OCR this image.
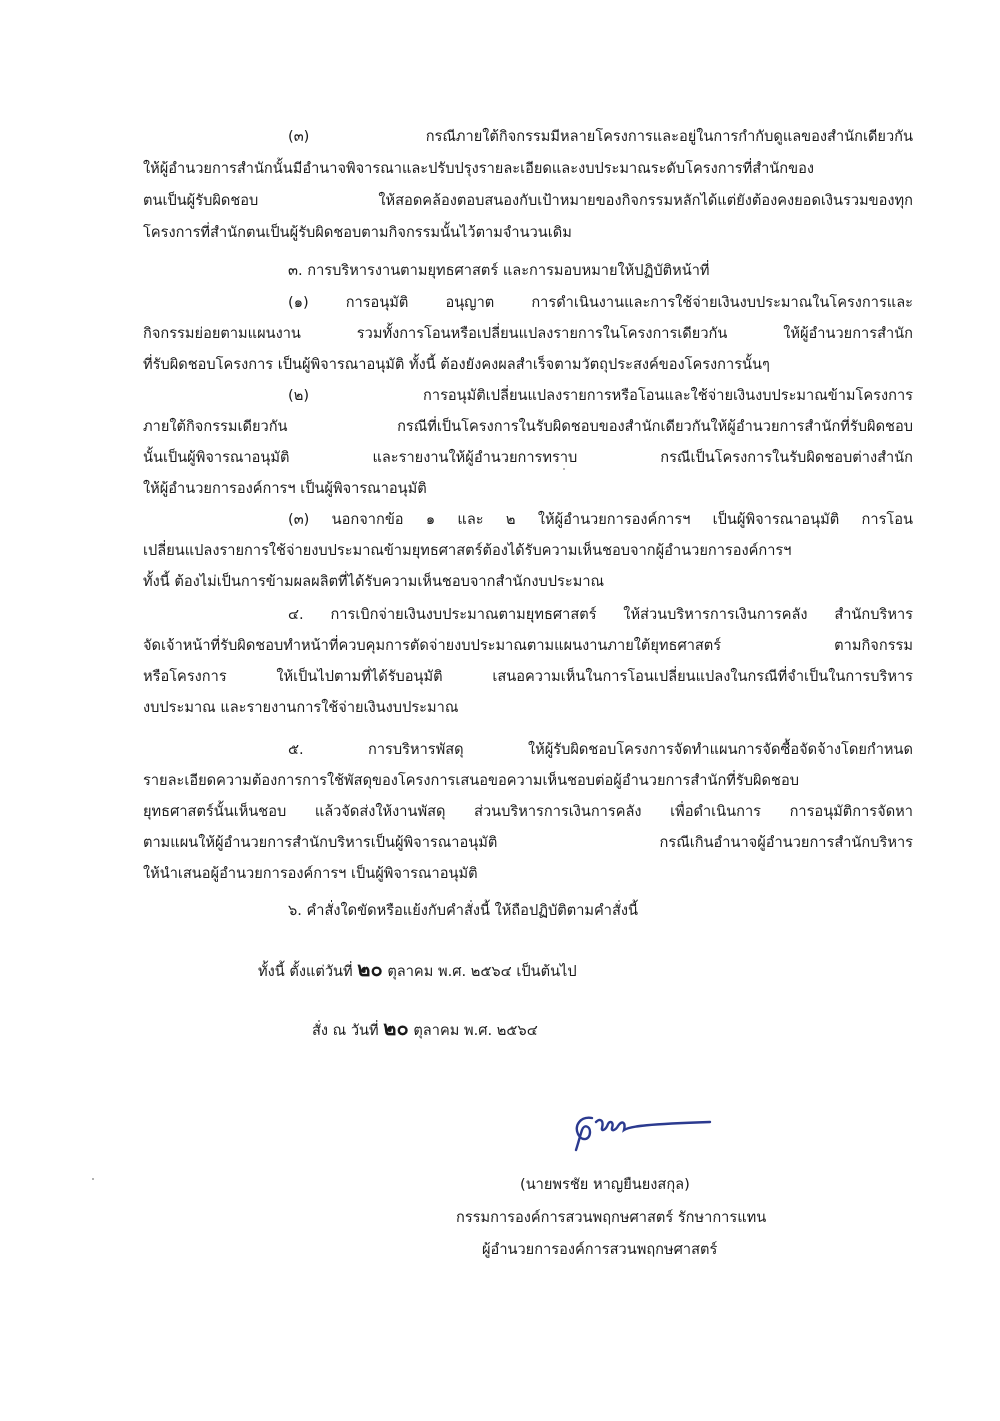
(๓) กรณีภายใต้กิจกรรมมีหลายโครงการและอยู่ในการกำกับดูแลของสำนักเดียวกัน
ให้ผู้อำนวยการสำนักนั้นมีอำนาจพิจารณาและปรับปรุงรายละเอียดและงบประมาณระดับโครงการที่สำนักของ
ตนเป็นผู้รับผิดชอบ ให้สอดคล้องตอบสนองกับเป้าหมายของกิจกรรมหลักได้แต่ยังต้องคงยอดเงินรวมของทุก
โครงการที่สำนักตนเป็นผู้รับผิดชอบตามกิจกรรมนั้นไว้ตามจำนวนเดิม
๓. การบริหารงานตามยุทธศาสตร์ และการมอบหมายให้ปฏิบัติหน้าที่
(๑) การอนุมัติ อนุญาต การดำเนินงานและการใช้จ่ายเงินงบประมาณในโครงการและ
กิจกรรมย่อยตามแผนงาน รวมทั้งการโอนหรือเปลี่ยนแปลงรายการในโครงการเดียวกัน ให้ผู้อำนวยการสำนัก
ที่รับผิดชอบโครงการ เป็นผู้พิจารณาอนุมัติ ทั้งนี้ ต้องยังคงผลสำเร็จตามวัตถุประสงค์ของโครงการนั้นๆ
(๒) การอนุมัติเปลี่ยนแปลงรายการหรือโอนและใช้จ่ายเงินงบประมาณข้ามโครงการ
ภายใต้กิจกรรมเดียวกัน กรณีที่เป็นโครงการในรับผิดชอบของสำนักเดียวกันให้ผู้อำนวยการสำนักที่รับผิดชอบ
นั้นเป็นผู้พิจารณาอนุมัติ และรายงานให้ผู้อำนวยการทราบ กรณีเป็นโครงการในรับผิดชอบต่างสำนัก
ให้ผู้อำนวยการองค์การฯ เป็นผู้พิจารณาอนุมัติ
(๓) นอกจากข้อ ๑ และ ๒ ให้ผู้อำนวยการองค์การฯ เป็นผู้พิจารณาอนุมัติ การโอน
เปลี่ยนแปลงรายการใช้จ่ายงบประมาณข้ามยุทธศาสตร์ต้องได้รับความเห็นชอบจากผู้อำนวยการองค์การฯ
ทั้งนี้ ต้องไม่เป็นการข้ามผลผลิตที่ได้รับความเห็นชอบจากสำนักงบประมาณ
๔. การเบิกจ่ายเงินงบประมาณตามยุทธศาสตร์ ให้ส่วนบริหารการเงินการคลัง สำนักบริหาร
จัดเจ้าหน้าที่รับผิดชอบทำหน้าที่ควบคุมการตัดจ่ายงบประมาณตามแผนงานภายใต้ยุทธศาสตร์ ตามกิจกรรม
หรือโครงการ ให้เป็นไปตามที่ได้รับอนุมัติ เสนอความเห็นในการโอนเปลี่ยนแปลงในกรณีที่จำเป็นในการบริหาร
งบประมาณ และรายงานการใช้จ่ายเงินงบประมาณ
๕. การบริหารพัสดุ ให้ผู้รับผิดชอบโครงการจัดทำแผนการจัดซื้อจัดจ้างโดยกำหนด
รายละเอียดความต้องการการใช้พัสดุของโครงการเสนอขอความเห็นชอบต่อผู้อำนวยการสำนักที่รับผิดชอบ
ยุทธศาสตร์นั้นเห็นชอบ แล้วจัดส่งให้งานพัสดุ ส่วนบริหารการเงินการคลัง เพื่อดำเนินการ การอนุมัติการจัดหา
ตามแผนให้ผู้อำนวยการสำนักบริหารเป็นผู้พิจารณาอนุมัติ กรณีเกินอำนาจผู้อำนวยการสำนักบริหาร
ให้นำเสนอผู้อำนวยการองค์การฯ เป็นผู้พิจารณาอนุมัติ
๖. คำสั่งใดขัดหรือแย้งกับคำสั่งนี้ ให้ถือปฏิบัติตามคำสั่งนี้
ทั้งนี้ ตั้งแต่วันที่ ๒๐ ตุลาคม พ.ศ. ๒๕๖๔ เป็นต้นไป
สั่ง ณ วันที่ ๒๐ ตุลาคม พ.ศ. ๒๕๖๔
(นายพรชัย หาญยืนยงสกุล)
กรรมการองค์การสวนพฤกษศาสตร์ รักษาการแทน
ผู้อำนวยการองค์การสวนพฤกษศาสตร์
